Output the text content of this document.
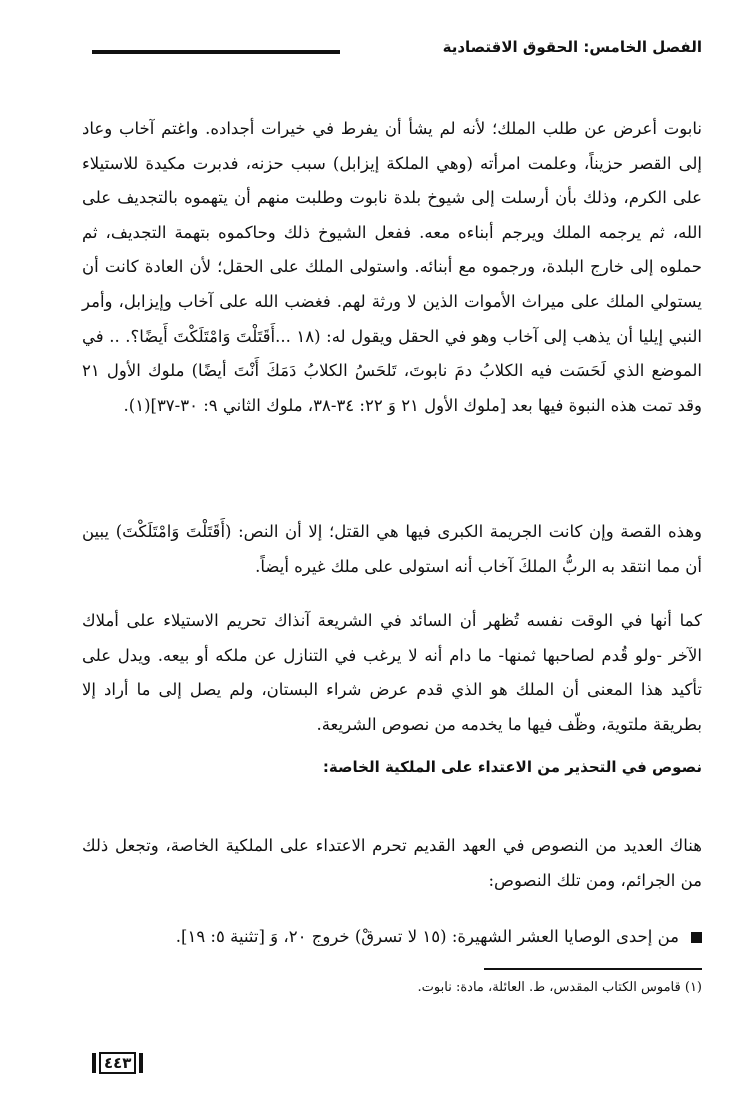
الفصل الخامس: الحقوق الاقتصادية

نابوت أعرض عن طلب الملك؛ لأنه لم يشأ أن يفرط في خيرات أجداده. واغتم آخاب وعاد إلى القصر حزيناً، وعلمت امرأته (وهي الملكة إيزابل) سبب حزنه، فدبرت مكيدة للاستيلاء على الكرم، وذلك بأن أرسلت إلى شيوخ بلدة نابوت وطلبت منهم أن يتهموه بالتجديف على الله، ثم يرجمه الملك ويرجم أبناءه معه. ففعل الشيوخ ذلك وحاكموه بتهمة التجديف، ثم حملوه إلى خارج البلدة، ورجموه مع أبنائه. واستولى الملك على الحقل؛ لأن العادة كانت أن يستولي الملك على ميراث الأموات الذين لا ورثة لهم. فغضب الله على آخاب وإيزابل، وأمر النبي إيليا أن يذهب إلى آخاب وهو في الحقل ويقول له: (١٨ ...أَقَتَلْتَ وَامْتَلَكْتَ أَيضًا؟. .. في الموضع الذي لَحَسَت فيه الكلابُ دمَ نابوتَ، تَلحَسُ الكلابُ دَمَكَ أَنْتَ أيضًا) ملوك الأول ٢١ وقد تمت هذه النبوة فيها بعد [ملوك الأول ٢١ وَ ٢٢: ٣٤-٣٨، ملوك الثاني ٩: ٣٠-٣٧](١).

وهذه القصة وإن كانت الجريمة الكبرى فيها هي القتل؛ إلا أن النص: (أَقَتَلْتَ وَامْتَلَكْتَ) يبين أن مما انتقد به الربُّ الملكَ آخاب أنه استولى على ملك غيره أيضاً.

كما أنها في الوقت نفسه تُظهر أن السائد في الشريعة آنذاك تحريم الاستيلاء على أملاك الآخر -ولو قُدم لصاحبها ثمنها- ما دام أنه لا يرغب في التنازل عن ملكه أو بيعه. ويدل على تأكيد هذا المعنى أن الملك هو الذي قدم عرض شراء البستان، ولم يصل إلى ما أراد إلا بطريقة ملتوية، وظّف فيها ما يخدمه من نصوص الشريعة.

نصوص في التحذير من الاعتداء على الملكية الخاصة:

هناك العديد من النصوص في العهد القديم تحرم الاعتداء على الملكية الخاصة، وتجعل ذلك من الجرائم، ومن تلك النصوص:

من إحدى الوصايا العشر الشهيرة: (١٥ لا تسرقْ) خروج ٢٠، وَ [تثنية ٥: ١٩].
(١) قاموس الكتاب المقدس، ط. العائلة، مادة: نابوت.
٤٤٣
